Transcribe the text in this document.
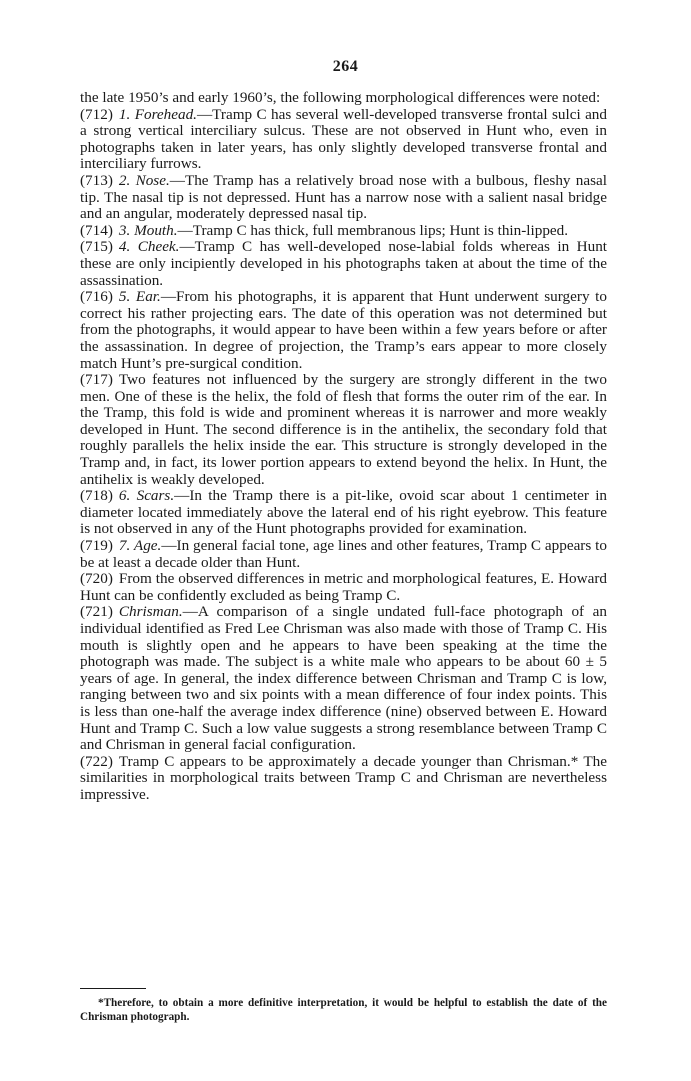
264

the late 1950’s and early 1960’s, the following morphological differences were noted:

(712) 1. Forehead.—Tramp C has several well-developed transverse frontal sulci and a strong vertical interciliary sulcus. These are not observed in Hunt who, even in photographs taken in later years, has only slightly developed transverse frontal and interciliary furrows.

(713) 2. Nose.—The Tramp has a relatively broad nose with a bulbous, fleshy nasal tip. The nasal tip is not depressed. Hunt has a narrow nose with a salient nasal bridge and an angular, moderately depressed nasal tip.

(714) 3. Mouth.—Tramp C has thick, full membranous lips; Hunt is thin-lipped.

(715) 4. Cheek.—Tramp C has well-developed nose-labial folds whereas in Hunt these are only incipiently developed in his photographs taken at about the time of the assassination.

(716) 5. Ear.—From his photographs, it is apparent that Hunt underwent surgery to correct his rather projecting ears. The date of this operation was not determined but from the photographs, it would appear to have been within a few years before or after the assassination. In degree of projection, the Tramp’s ears appear to more closely match Hunt’s pre-surgical condition.

(717) Two features not influenced by the surgery are strongly different in the two men. One of these is the helix, the fold of flesh that forms the outer rim of the ear. In the Tramp, this fold is wide and prominent whereas it is narrower and more weakly developed in Hunt. The second difference is in the antihelix, the secondary fold that roughly parallels the helix inside the ear. This structure is strongly developed in the Tramp and, in fact, its lower portion appears to extend beyond the helix. In Hunt, the antihelix is weakly developed.

(718) 6. Scars.—In the Tramp there is a pit-like, ovoid scar about 1 centimeter in diameter located immediately above the lateral end of his right eyebrow. This feature is not observed in any of the Hunt photographs provided for examination.

(719) 7. Age.—In general facial tone, age lines and other features, Tramp C appears to be at least a decade older than Hunt.

(720) From the observed differences in metric and morphological features, E. Howard Hunt can be confidently excluded as being Tramp C.

(721) Chrisman.—A comparison of a single undated full-face photograph of an individual identified as Fred Lee Chrisman was also made with those of Tramp C. His mouth is slightly open and he appears to have been speaking at the time the photograph was made. The subject is a white male who appears to be about 60 ± 5 years of age. In general, the index difference between Chrisman and Tramp C is low, ranging between two and six points with a mean difference of four index points. This is less than one-half the average index difference (nine) observed between E. Howard Hunt and Tramp C. Such a low value suggests a strong resemblance between Tramp C and Chrisman in general facial configuration.

(722) Tramp C appears to be approximately a decade younger than Chrisman.* The similarities in morphological traits between Tramp C and Chrisman are nevertheless impressive.

*Therefore, to obtain a more definitive interpretation, it would be helpful to establish the date of the Chrisman photograph.
